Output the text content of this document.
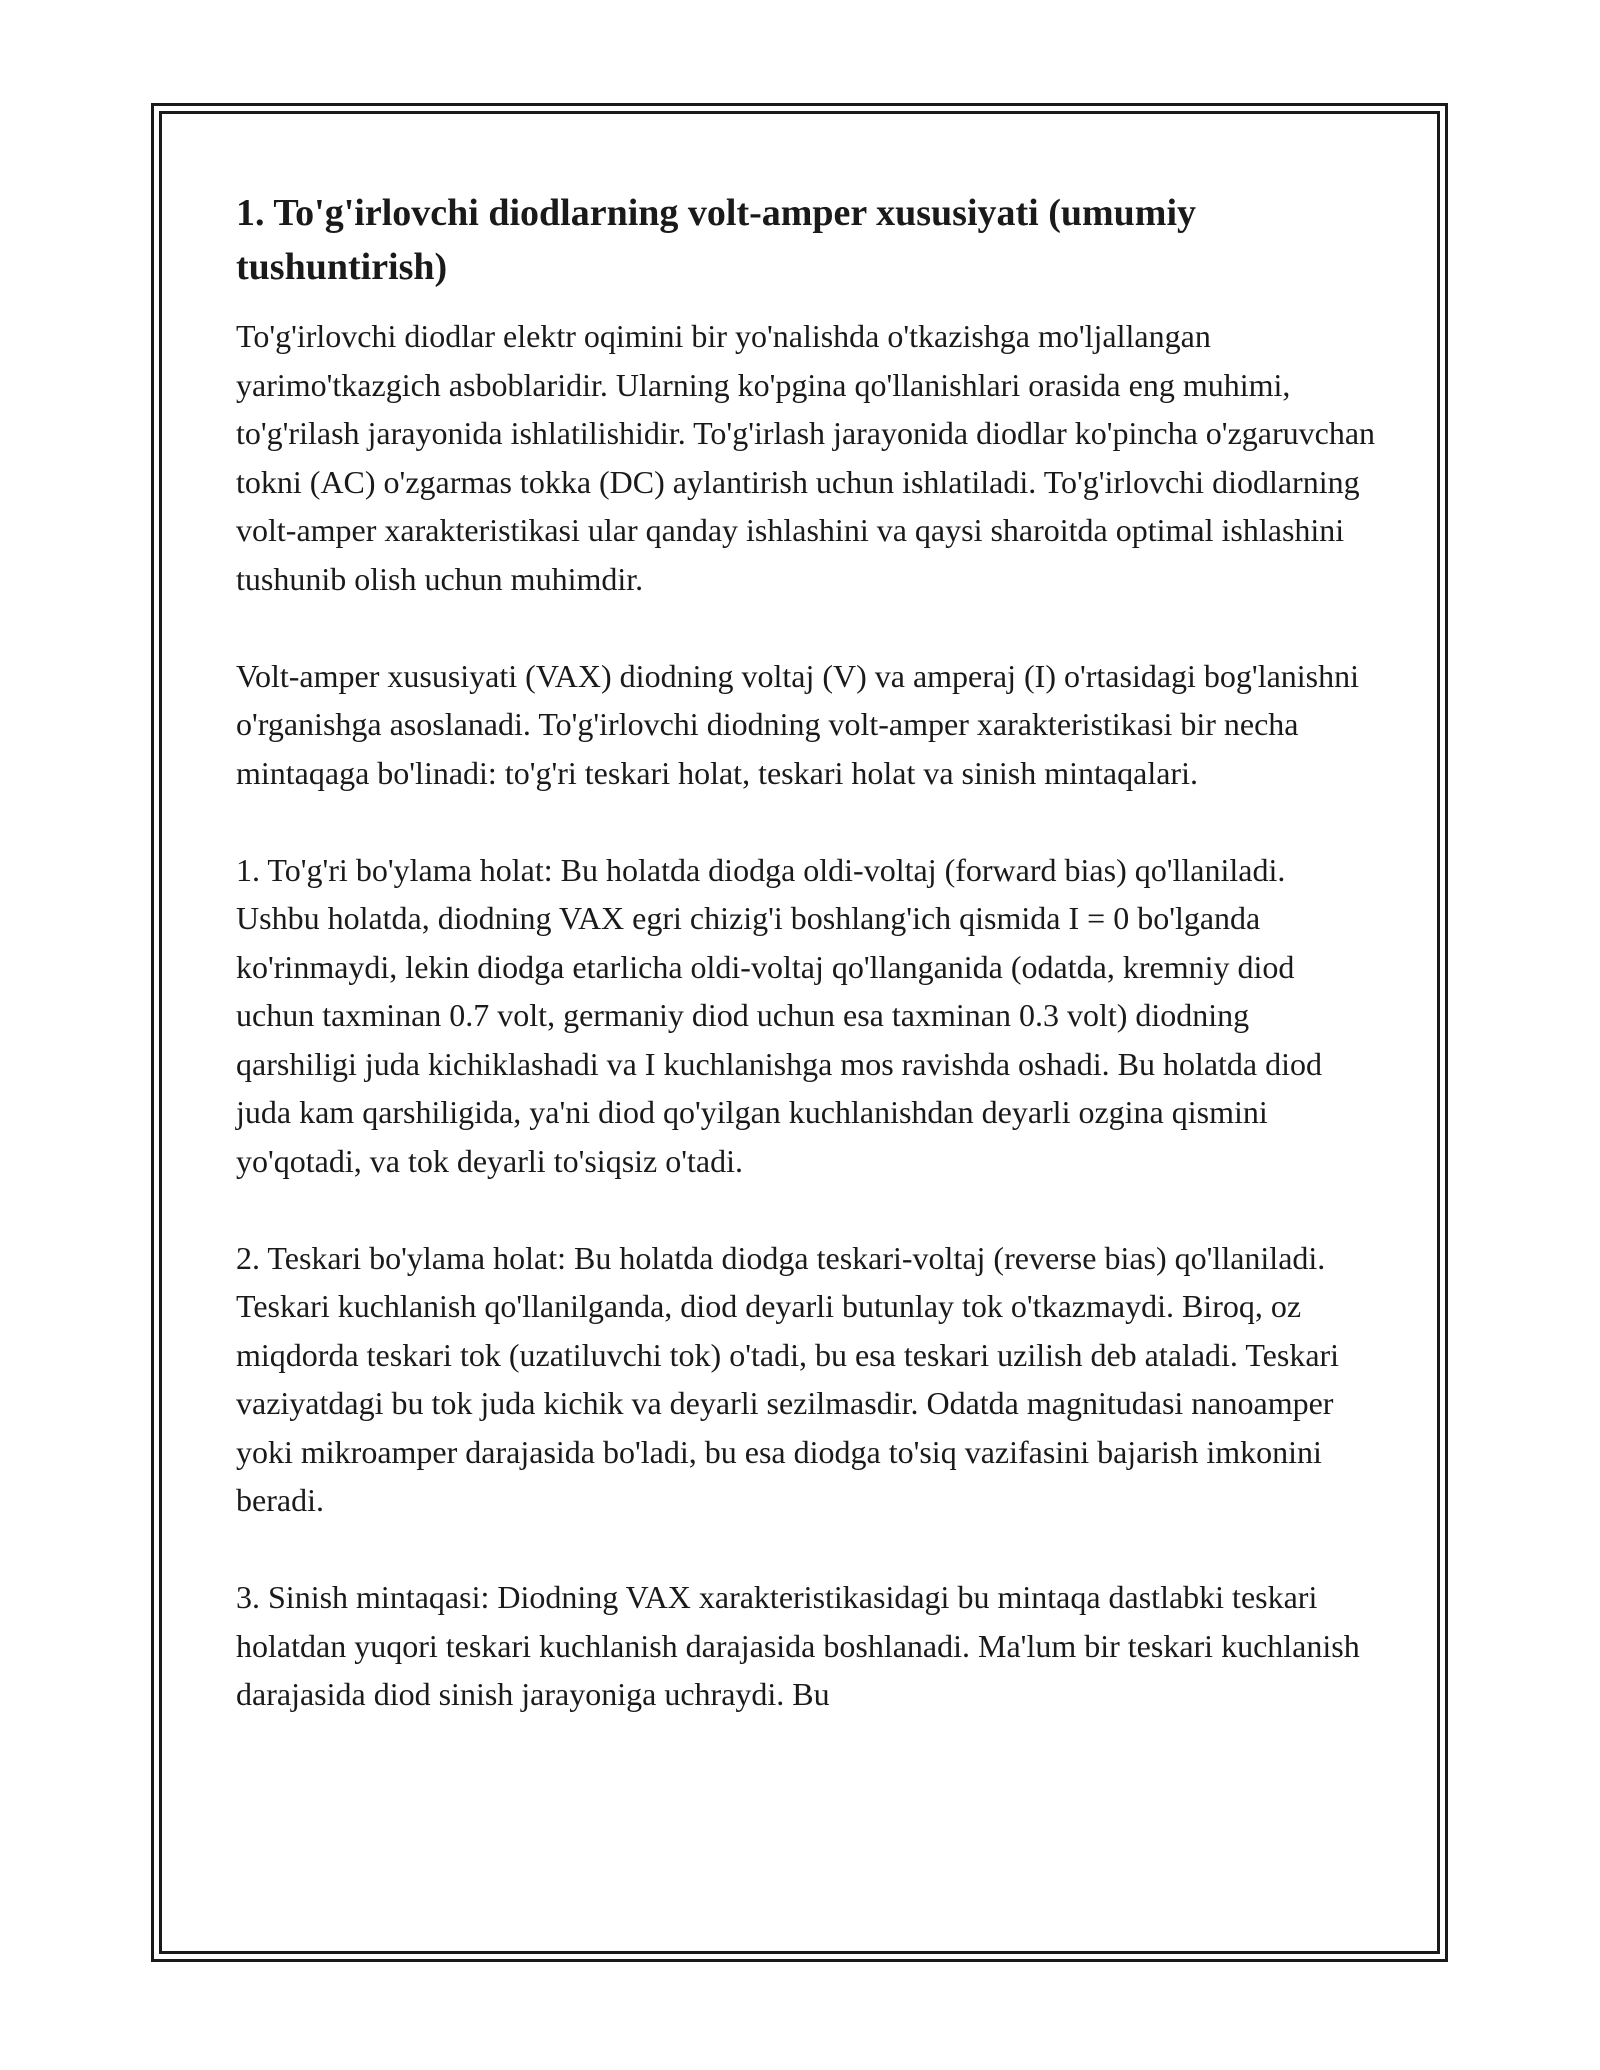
1. To'g'irlovchi diodlarning volt-amper xususiyati (umumiy tushuntirish)

To'g'irlovchi diodlar elektr oqimini bir yo'nalishda o'tkazishga mo'ljallangan yarimo'tkazgich asboblaridir. Ularning ko'pgina qo'llanishlari orasida eng muhimi, to'g'rilash jarayonida ishlatilishidir. To'g'irlash jarayonida diodlar ko'pincha o'zgaruvchan tokni (AC) o'zgarmas tokka (DC) aylantirish uchun ishlatiladi. To'g'irlovchi diodlarning volt-amper xarakteristikasi ular qanday ishlashini va qaysi sharoitda optimal ishlashini tushunib olish uchun muhimdir.

Volt-amper xususiyati (VAX) diodning voltaj (V) va amperaj (I) o'rtasidagi bog'lanishni o'rganishga asoslanadi. To'g'irlovchi diodning volt-amper xarakteristikasi bir necha mintaqaga bo'linadi: to'g'ri teskari holat, teskari holat va sinish mintaqalari.

1. To'g'ri bo'ylama holat: Bu holatda diodga oldi-voltaj (forward bias) qo'llaniladi. Ushbu holatda, diodning VAX egri chizig'i boshlang'ich qismida I = 0 bo'lganda ko'rinmaydi, lekin diodga etarlicha oldi-voltaj qo'llanganida (odatda, kremniy diod uchun taxminan 0.7 volt, germaniy diod uchun esa taxminan 0.3 volt) diodning qarshiligi juda kichiklashadi va I kuchlanishga mos ravishda oshadi. Bu holatda diod juda kam qarshiligida, ya'ni diod qo'yilgan kuchlanishdan deyarli ozgina qismini yo'qotadi, va tok deyarli to'siqsiz o'tadi.

2. Teskari bo'ylama holat: Bu holatda diodga teskari-voltaj (reverse bias) qo'llaniladi. Teskari kuchlanish qo'llanilganda, diod deyarli butunlay tok o'tkazmaydi. Biroq, oz miqdorda teskari tok (uzatiluvchi tok) o'tadi, bu esa teskari uzilish deb ataladi. Teskari vaziyatdagi bu tok juda kichik va deyarli sezilmasdir. Odatda magnitudasi nanoamper yoki mikroamper darajasida bo'ladi, bu esa diodga to'siq vazifasini bajarish imkonini beradi.

3. Sinish mintaqasi: Diodning VAX xarakteristikasidagi bu mintaqa dastlabki teskari holatdan yuqori teskari kuchlanish darajasida boshlanadi. Ma'lum bir teskari kuchlanish darajasida diod sinish jarayoniga uchraydi. Bu
